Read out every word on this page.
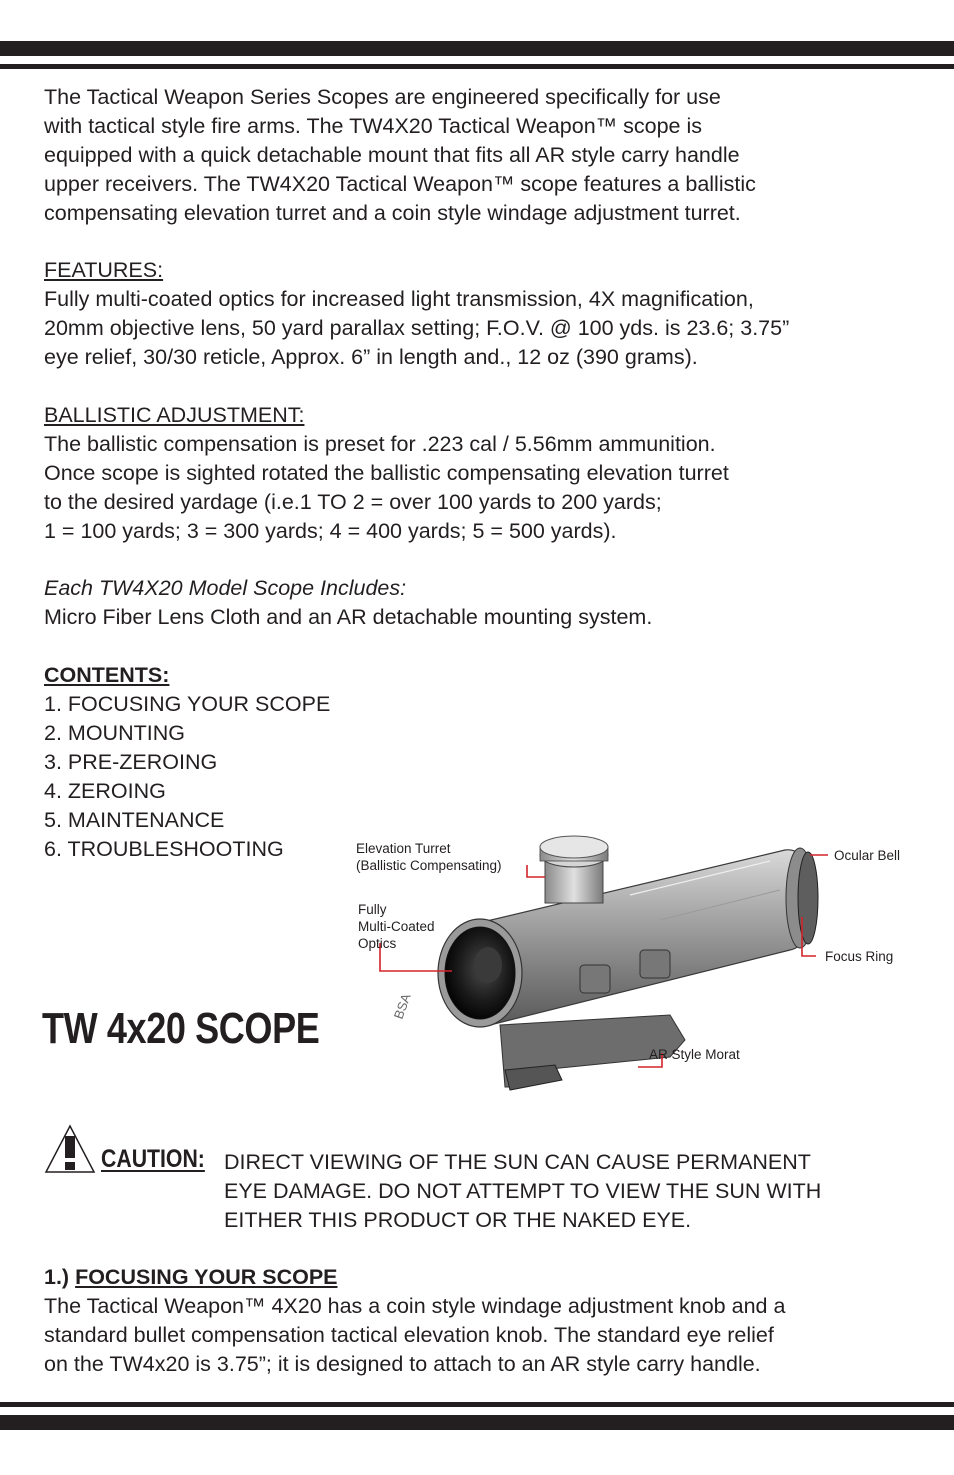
The Tactical Weapon Series Scopes are engineered specifically for use

with tactical style fire arms. The TW4X20 Tactical Weapon™ scope is

equipped with a quick detachable mount that fits all AR style carry handle

upper receivers. The TW4X20 Tactical Weapon™ scope features a ballistic

compensating elevation turret and a coin style windage adjustment turret.

FEATURES:

Fully multi-coated optics for increased light transmission, 4X magnification,

20mm objective lens, 50 yard parallax setting; F.O.V. @ 100 yds. is 23.6; 3.75”

eye relief, 30/30 reticle, Approx. 6” in length and., 12 oz (390 grams).

BALLISTIC ADJUSTMENT:

The ballistic compensation is preset for .223 cal / 5.56mm ammunition.

Once scope is sighted rotated the ballistic compensating elevation turret

to the desired yardage (i.e.1 TO 2 = over 100 yards to 200 yards;

1 = 100 yards; 3 = 300 yards; 4 = 400 yards; 5 = 500 yards).

Each TW4X20 Model Scope Includes:

Micro Fiber Lens Cloth and an AR detachable mounting system.

CONTENTS:

1. FOCUSING YOUR SCOPE

2. MOUNTING

3. PRE-ZEROING

4. ZEROING

5. MAINTENANCE

6. TROUBLESHOOTING

TW 4x20 SCOPE	BSA
Elevation Turret
(Ballistic Compensating)
Fully
Multi-Coated
Optics
Ocular Bell
Focus Ring
AR Style Morat
CAUTION: DIRECT VIEWING OF THE SUN CAN CAUSE PERMANENT

EYE DAMAGE. DO NOT ATTEMPT TO VIEW THE SUN WITH

EITHER THIS PRODUCT OR THE NAKED EYE.

1.) FOCUSING YOUR SCOPE

The Tactical Weapon™ 4X20 has a coin style windage adjustment knob and a

standard bullet compensation tactical elevation knob. The standard eye relief

on the TW4x20 is 3.75”; it is designed to attach to an AR style carry handle.
